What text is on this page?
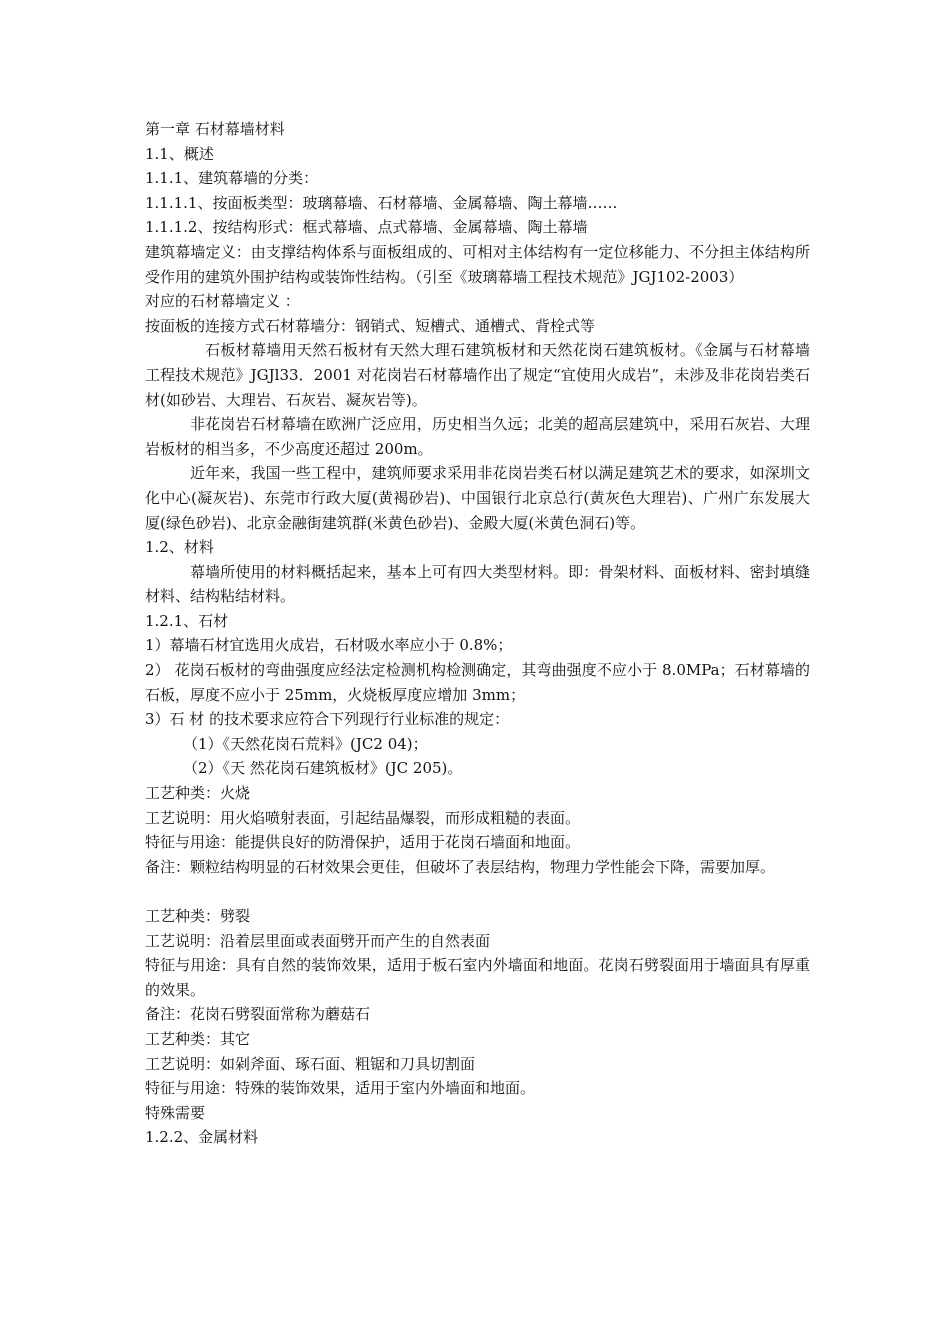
第一章 石材幕墙材料
1.1、概述
1.1.1、建筑幕墙的分类：
1.1.1.1、按面板类型：玻璃幕墙、石材幕墙、金属幕墙、陶土幕墙……
1.1.1.2、按结构形式：框式幕墙、点式幕墙、金属幕墙、陶土幕墙
建筑幕墙定义：由支撑结构体系与面板组成的、可相对主体结构有一定位移能力、不分担主体结构所受作用的建筑外围护结构或装饰性结构。（引至《玻璃幕墙工程技术规范》JGJ102-2003）
对应的石材幕墙定义 ：
按面板的连接方式石材幕墙分：钢销式、短槽式、通槽式、背栓式等
石板材幕墙用天然石板材有天然大理石建筑板材和天然花岗石建筑板材。《金属与石材幕墙工程技术规范》JGJl33．2001 对花岗岩石材幕墙作出了规定“宜使用火成岩”，未涉及非花岗岩类石材(如砂岩、大理岩、石灰岩、凝灰岩等)。
非花岗岩石材幕墙在欧洲广泛应用，历史相当久远；北美的超高层建筑中，采用石灰岩、大理岩板材的相当多，不少高度还超过 200m。
近年来，我国一些工程中，建筑师要求采用非花岗岩类石材以满足建筑艺术的要求，如深圳文化中心(凝灰岩)、东莞市行政大厦(黄褐砂岩)、中国银行北京总行(黄灰色大理岩)、广州广东发展大厦(绿色砂岩)、北京金融街建筑群(米黄色砂岩)、金殿大厦(米黄色洞石)等。
1.2、材料
幕墙所使用的材料概括起来，基本上可有四大类型材料。即：骨架材料、面板材料、密封填缝材料、结构粘结材料。
1.2.1、石材
1）幕墙石材宜选用火成岩，石材吸水率应小于 0.8%；
2） 花岗石板材的弯曲强度应经法定检测机构检测确定，其弯曲强度不应小于 8.0MPa；石材幕墙的石板，厚度不应小于 25mm，火烧板厚度应增加 3mm；
3）石 材 的技术要求应符合下列现行行业标准的规定：
（1）《天然花岗石荒料》(JC2 04)；
（2）《天 然花岗石建筑板材》(JC 205)。
工艺种类：火烧
工艺说明：用火焰喷射表面，引起结晶爆裂，而形成粗糙的表面。
特征与用途：能提供良好的防滑保护，适用于花岗石墙面和地面。
备注：颗粒结构明显的石材效果会更佳，但破坏了表层结构，物理力学性能会下降，需要加厚。
工艺种类：劈裂
工艺说明：沿着层里面或表面劈开而产生的自然表面
特征与用途：具有自然的装饰效果，适用于板石室内外墙面和地面。花岗石劈裂面用于墙面具有厚重的效果。
备注：花岗石劈裂面常称为蘑菇石
工艺种类：其它
工艺说明：如剁斧面、琢石面、粗锯和刀具切割面
特征与用途：特殊的装饰效果，适用于室内外墙面和地面。
特殊需要
1.2.2、金属材料
